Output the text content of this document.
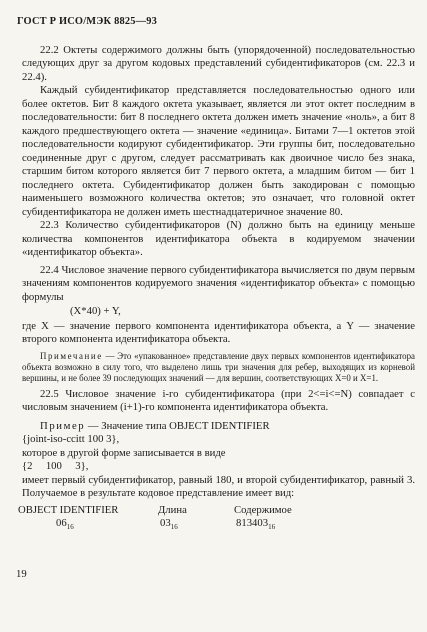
ГОСТ Р ИСО/МЭК 8825—93

22.2 Октеты содержимого должны быть (упорядоченной) последовательностью следующих друг за другом кодовых представлений субидентификаторов (см. 22.3 и 22.4).

Каждый субидентификатор представляется последовательностью одного или более октетов. Бит 8 каждого октета указывает, является ли этот октет последним в последовательности: бит 8 последнего октета должен иметь значение «ноль», а бит 8 каждого предшествующего октета — значение «единица». Битами 7—1 октетов этой последовательности кодируют субидентификатор. Эти группы бит, последовательно соединенные друг с другом, следует рассматривать как двоичное число без знака, старшим битом которого является бит 7 первого октета, а младшим битом — бит 1 последнего октета. Субидентификатор должен быть закодирован с помощью наименьшего возможного количества октетов; это означает, что головной октет субидентификатора не должен иметь шестнадцатеричное значение 80.

22.3 Количество субидентификаторов (N) должно быть на единицу меньше количества компонентов идентификатора объекта в кодируемом значении «идентификатор объекта».

22.4 Числовое значение первого субидентификатора вычисляется по двум первым значениям компонентов кодируемого значения «идентификатор объекта» с помощью формулы

(X*40) + Y,

где X — значение первого компонента идентификатора объекта, а Y — значение второго компонента идентификатора объекта.

Примечание — Это «упакованное» представление двух первых компонентов идентификатора объекта возможно в силу того, что выделено лишь три значения для ребер, выходящих из корневой вершины, и не более 39 последующих значений — для вершин, соответствующих X=0 и X=1.

22.5 Числовое значение i-го субидентификатора (при 2<=i<=N) совпадает с числовым значением (i+1)-го компонента идентификатора объекта.

Пример — Значение типа OBJECT IDENTIFIER

{joint-iso-ccitt 100 3},

которое в другой форме записывается в виде

{2     100     3},

имеет первый субидентификатор, равный 180, и второй субидентификатор, равный 3. Получаемое в результате кодовое представление имеет вид:

OBJECT IDENTIFIER	Длина	Содержимое
$06_{16}$	$03_{16}$	$813403_{16}$
19
